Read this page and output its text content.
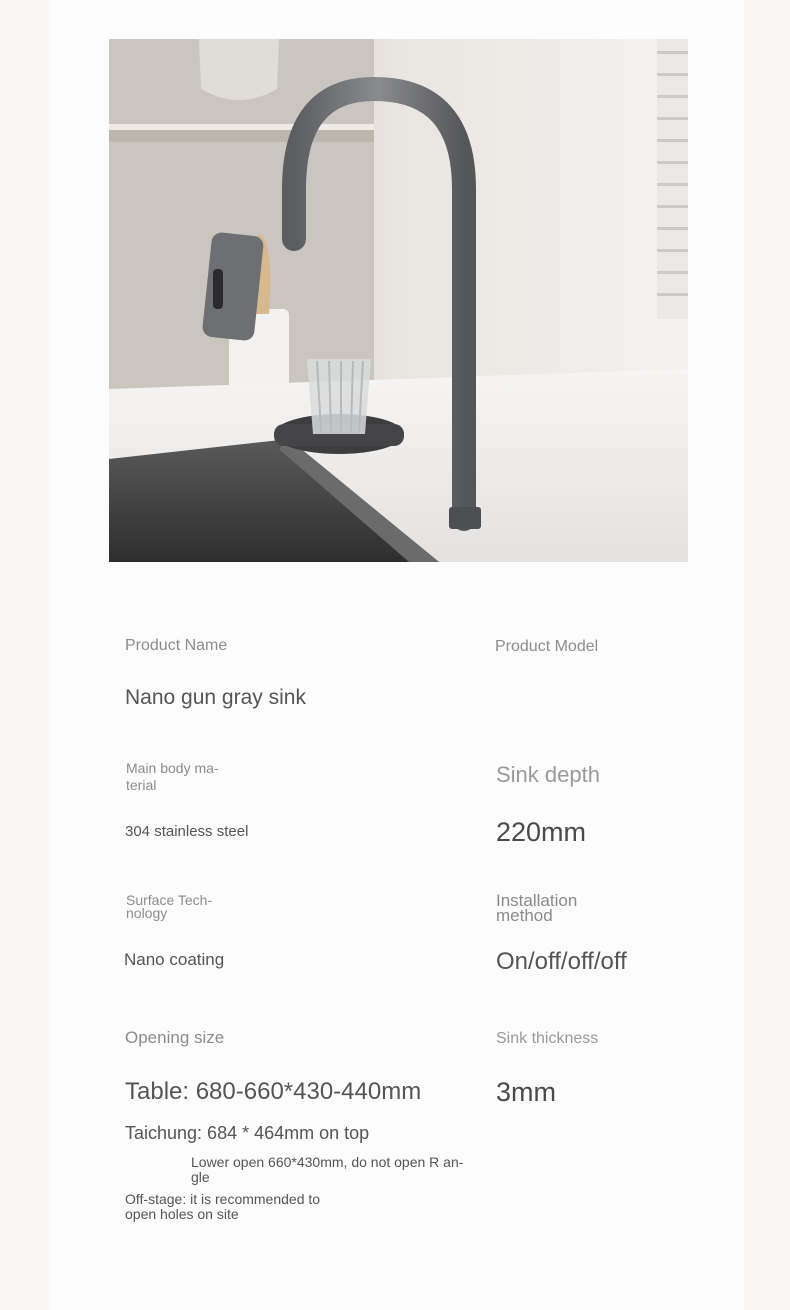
Product Name

Nano gun gray sink

Product Model

Main body ma-
terial

304 stainless steel

Sink depth

220mm

Surface Tech-
nology

Nano coating

Installation
method

On/off/off/off

Opening size

Table: 680-660*430-440mm

Taichung: 684 * 464mm on top

Lower open 660*430mm, do not open R an-
gle
Off-stage: it is recommended to
open holes on site

Sink thickness

3mm
